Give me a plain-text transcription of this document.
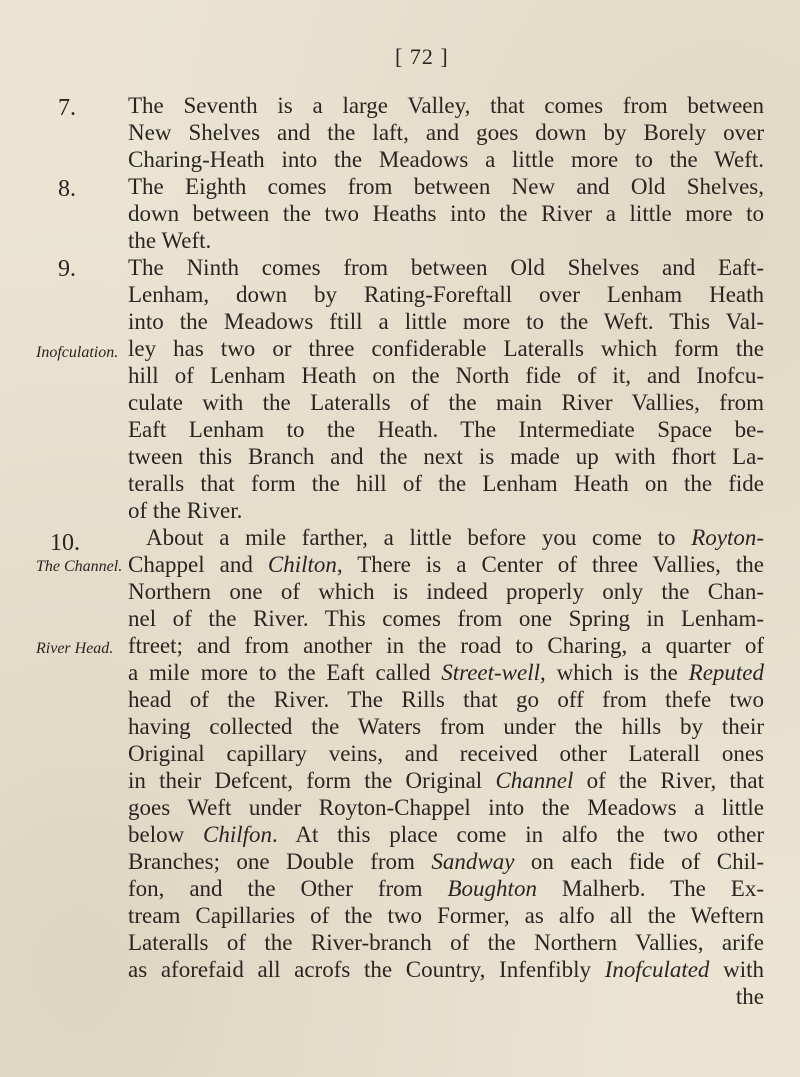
[ 72 ]
7.
8.
9.
Inofculation.
10.
The Channel.
River Head.
The Seventh is a large Valley, that comes from between
New Shelves and the laft, and goes down by Borely over
Charing-Heath into the Meadows a little more to the Weft.
The Eighth comes from between New and Old Shelves,
down between the two Heaths into the River a little more to
the Weft.
The Ninth comes from between Old Shelves and Eaft-
Lenham, down by Rating-Foreftall over Lenham Heath
into the Meadows ftill a little more to the Weft. This Val-
ley has two or three confiderable Lateralls which form the
hill of Lenham Heath on the North fide of it, and Inofcu-
culate with the Lateralls of the main River Vallies, from
Eaft Lenham to the Heath. The Intermediate Space be-
tween this Branch and the next is made up with fhort La-
teralls that form the hill of the Lenham Heath on the fide
of the River.
About a mile farther, a little before you come to Royton-
Chappel and Chilton, There is a Center of three Vallies, the
Northern one of which is indeed properly only the Chan-
nel of the River. This comes from one Spring in Lenham-
ftreet; and from another in the road to Charing, a quarter of
a mile more to the Eaft called Street-well, which is the Reputed
head of the River. The Rills that go off from thefe two
having collected the Waters from under the hills by their
Original capillary veins, and received other Laterall ones
in their Defcent, form the Original Channel of the River, that
goes Weft under Royton-Chappel into the Meadows a little
below Chilfon. At this place come in alfo the two other
Branches; one Double from Sandway on each fide of Chil-
fon, and the Other from Boughton Malherb. The Ex-
tream Capillaries of the two Former, as alfo all the Weftern
Lateralls of the River-branch of the Northern Vallies, arife
as aforefaid all acrofs the Country, Infenfibly Inofculated with
the
